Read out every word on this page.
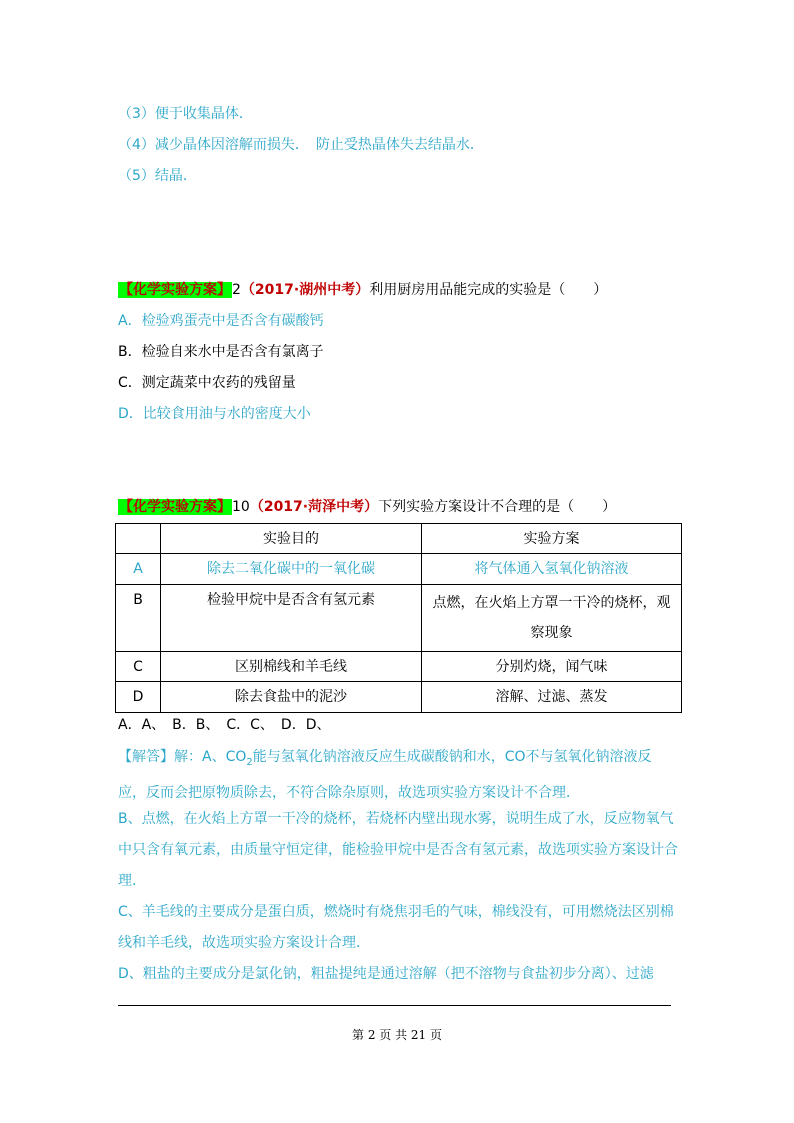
（3）便于收集晶体．
（4）减少晶体因溶解而损失．　防止受热晶体失去结晶水．
（5）结晶．
【化学实验方案】2（2017·湖州中考）利用厨房用品能完成的实验是（　　）
A．检验鸡蛋壳中是否含有碳酸钙
B．检验自来水中是否含有氯离子
C．测定蔬菜中农药的残留量
D．比较食用油与水的密度大小
【化学实验方案】10（2017·菏泽中考）下列实验方案设计不合理的是（　　）
	实验目的	实验方案
A	除去二氧化碳中的一氧化碳	将气体通入氢氧化钠溶液
B	检验甲烷中是否含有氢元素	点燃，在火焰上方罩一干冷的烧杯，观察现象
C	区别棉线和羊毛线	分别灼烧，闻气味
D	除去食盐中的泥沙	溶解、过滤、蒸发
A．A、　B．B、　C．C、　D．D、
【解答】解：A、$CO_2$能与氢氧化钠溶液反应生成碳酸钠和水，CO不与氢氧化钠溶液反应，反而会把原物质除去，不符合除杂原则，故选项实验方案设计不合理．
B、点燃，在火焰上方罩一干冷的烧杯，若烧杯内壁出现水雾，说明生成了水，反应物氧气中只含有氧元素，由质量守恒定律，能检验甲烷中是否含有氢元素，故选项实验方案设计合理．
C、羊毛线的主要成分是蛋白质，燃烧时有烧焦羽毛的气味，棉线没有，可用燃烧法区别棉线和羊毛线，故选项实验方案设计合理．
D、粗盐的主要成分是氯化钠，粗盐提纯是通过溶解（把不溶物与食盐初步分离）、过滤
第 2 页 共 21 页
